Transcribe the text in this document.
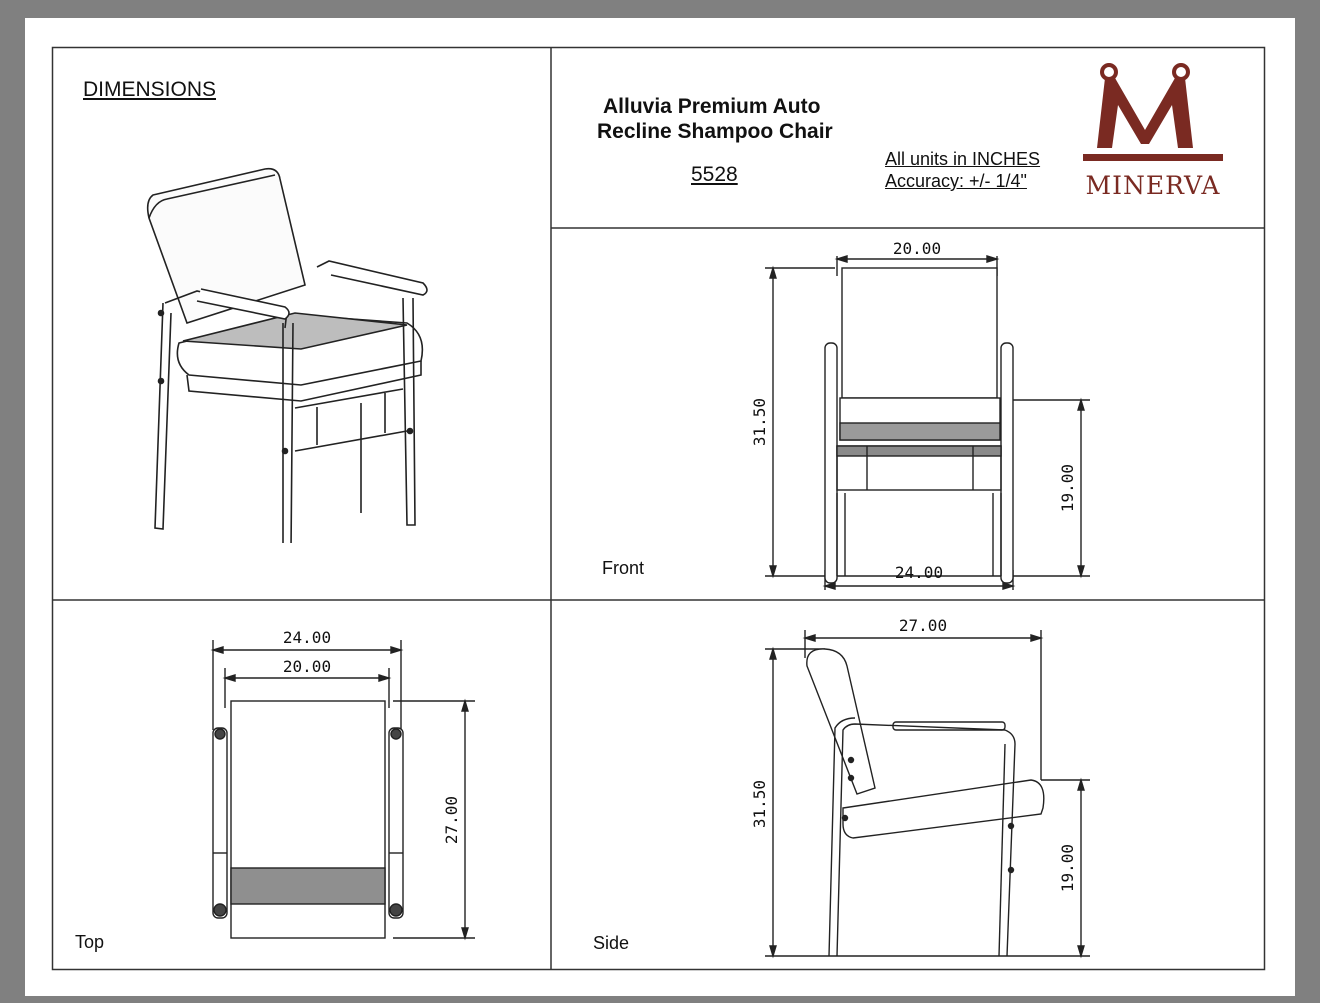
DIMENSIONS
Alluvia Premium Auto
Recline Shampoo Chair
5528
All units in INCHES
Accuracy: +/- 1/4" MINERVA
20.00
24.00
31.50
19.00
Front
24.00
20.00
27.00
Top
27.00
31.50
19.00
Side
